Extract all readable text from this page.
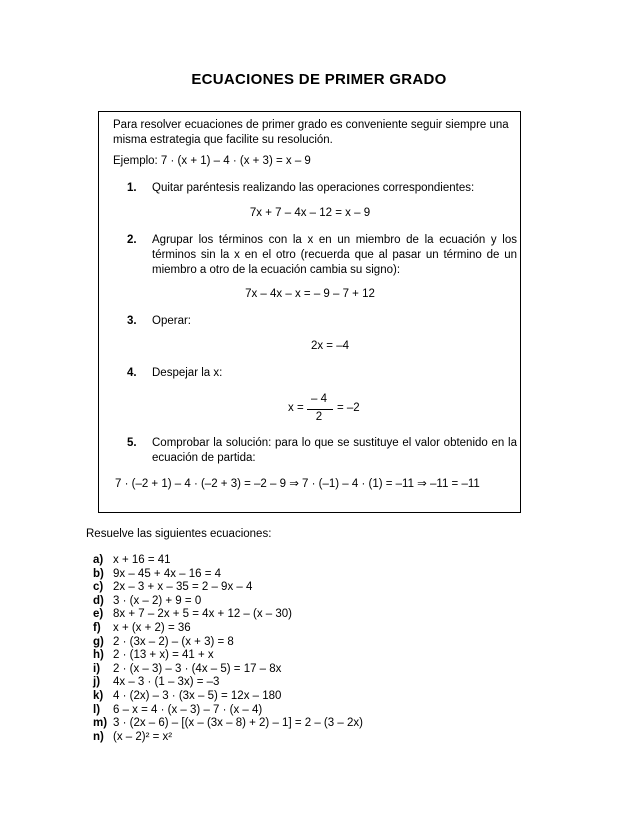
ECUACIONES DE PRIMER GRADO
Para resolver ecuaciones de primer grado es conveniente seguir siempre una misma estrategia que facilite su resolución.
Ejemplo: 7 · (x + 1) – 4 · (x + 3) = x – 9
1. Quitar paréntesis realizando las operaciones correspondientes:
7x + 7 – 4x – 12 = x – 9
2. Agrupar los términos con la x en un miembro de la ecuación y los términos sin la x en el otro (recuerda que al pasar un término de un miembro a otro de la ecuación cambia su signo):
7x – 4x – x = – 9 – 7 + 12
3. Operar:
2x = –4
4. Despejar la x:
x =
– 4
2
= –2
5. Comprobar la solución: para lo que se sustituye el valor obtenido en la ecuación de partida:
7 · (–2 + 1) – 4 · (–2 + 3) = –2 – 9 ⇒ 7 · (–1) – 4 · (1) = –11 ⇒ –11 = –11
Resuelve las siguientes ecuaciones:
a) x + 16 = 41
b) 9x – 45 + 4x – 16 = 4
c) 2x – 3 + x – 35 = 2 – 9x – 4
d) 3 · (x – 2) + 9 = 0
e) 8x + 7 – 2x + 5 = 4x + 12 – (x – 30)
f) x + (x + 2) = 36
g) 2 · (3x – 2) – (x + 3) = 8
h) 2 · (13 + x) = 41 + x
i) 2 · (x – 3) – 3 · (4x – 5) = 17 – 8x
j) 4x – 3 · (1 – 3x) = –3
k) 4 · (2x) – 3 · (3x – 5) = 12x – 180
l) 6 – x = 4 · (x – 3) – 7 · (x – 4)
m) 3 · (2x – 6) – [(x – (3x – 8) + 2) – 1] = 2 – (3 – 2x)
n) (x – 2)² = x²
